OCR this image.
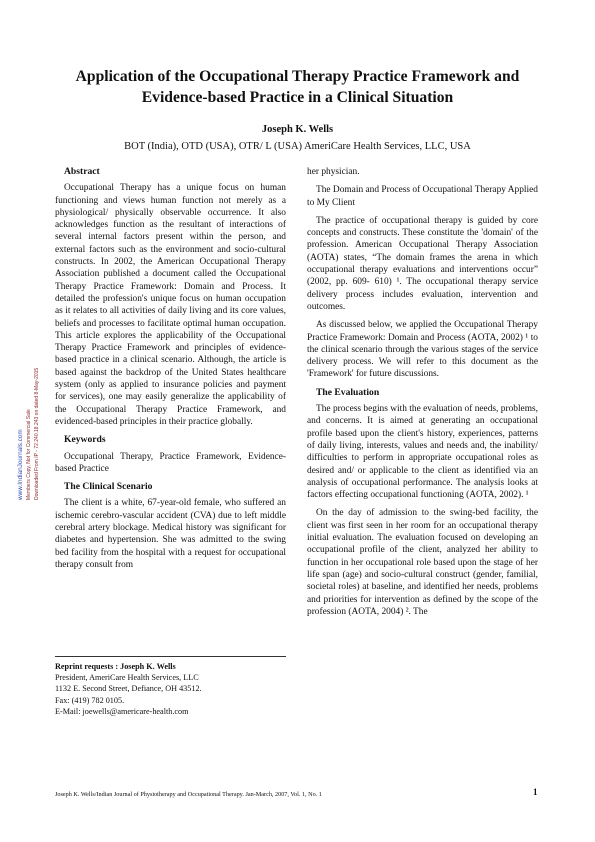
Application of the Occupational Therapy Practice Framework and
Evidence-based Practice in a Clinical Situation

Joseph K. Wells

BOT (India), OTD (USA), OTR/ L (USA) AmeriCare Health Services, LLC, USA

Abstract

Occupational Therapy has a unique focus on human functioning and views human function not merely as a physiological/ physically observable occurrence. It also acknowledges function as the resultant of interactions of several internal factors present within the person, and external factors such as the environment and socio-cultural constructs. In 2002, the American Occupational Therapy Association published a document called the Occupational Therapy Practice Framework: Domain and Process. It detailed the profession's unique focus on human occupation as it relates to all activities of daily living and its core values, beliefs and processes to facilitate optimal human occupation. This article explores the applicability of the Occupational Therapy Practice Framework and principles of evidence-based practice in a clinical scenario. Although, the article is based against the backdrop of the United States healthcare system (only as applied to insurance policies and payment for services), one may easily generalize the applicability of the Occupational Therapy Practice Framework, and evidenced-based principles in their practice globally.

Keywords

Occupational Therapy, Practice Framework, Evidence-based Practice

The Clinical Scenario

The client is a white, 67-year-old female, who suffered an ischemic cerebro-vascular accident (CVA) due to left middle cerebral artery blockage. Medical history was significant for diabetes and hypertension. She was admitted to the swing bed facility from the hospital with a request for occupational therapy consult from

Reprint requests : Joseph K. Wells
President, AmeriCare Health Services, LLC
1132 E. Second Street, Defiance, OH 43512.
Fax: (419) 782 0105.
E-Mail: joewells@americare-health.com

her physician.

The Domain and Process of Occupational Therapy Applied to My Client

The practice of occupational therapy is guided by core concepts and constructs. These constitute the 'domain' of the profession. American Occupational Therapy Association (AOTA) states, “The domain frames the arena in which occupational therapy evaluations and interventions occur” (2002, pp. 609- 610) ¹. The occupational therapy service delivery process includes evaluation, intervention and outcomes.

As discussed below, we applied the Occupational Therapy Practice Framework: Domain and Process (AOTA, 2002) ¹ to the clinical scenario through the various stages of the service delivery process. We will refer to this document as the 'Framework' for future discussions.

The Evaluation

The process begins with the evaluation of needs, problems, and concerns. It is aimed at generating an occupational profile based upon the client's history, experiences, patterns of daily living, interests, values and needs and, the inability/ difficulties to perform in appropriate occupational roles as desired and/ or applicable to the client as identified via an analysis of occupational performance. The analysis looks at factors effecting occupational functioning (AOTA, 2002). ¹

On the day of admission to the swing-bed facility, the client was first seen in her room for an occupational therapy initial evaluation. The evaluation focused on developing an occupational profile of the client, analyzed her ability to function in her occupational role based upon the stage of her life span (age) and socio-cultural construct (gender, familial, societal roles) at baseline, and identified her needs, problems and priorities for intervention as defined by the scope of the profession (AOTA, 2004) ². The

www.IndianJournals.com Members Copy, Not for Commercial Sale Downloaded From IP - 72.240.18.243 on dated 8-May-2015
Joseph K. Wells/Indian Journal of Physiotherapy and Occupational Therapy. Jan-March, 2007, Vol. 1, No. 1	1
